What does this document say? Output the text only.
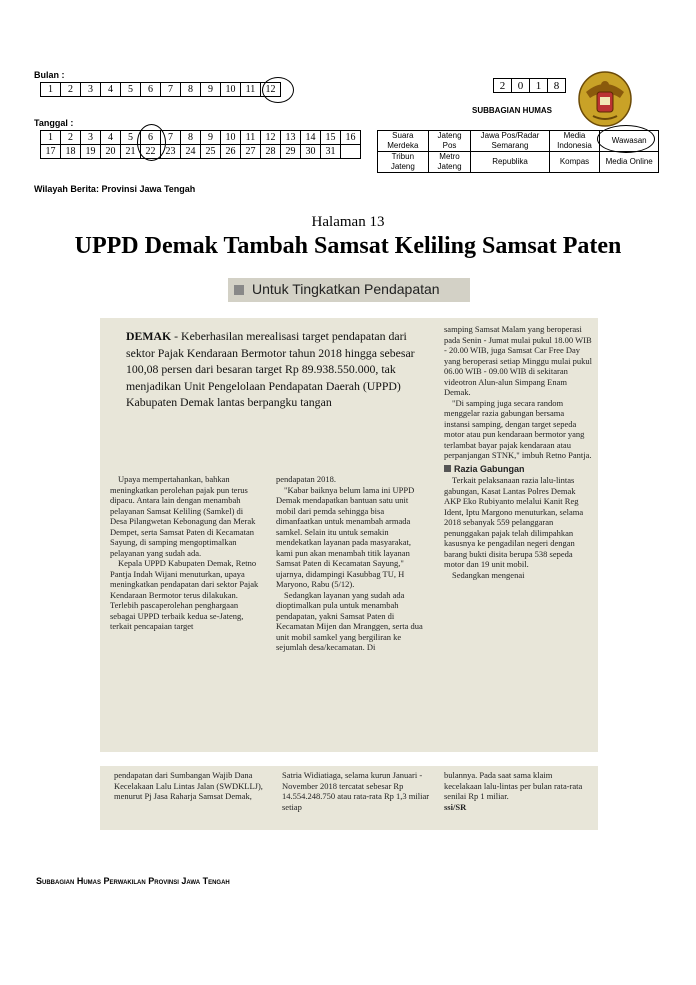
Bulan :
1	2	3	4	5	6	7	8	9	10	11	12
Tanggal :
1	2	3	4	5	6	7	8	9	10	11	12	13	14	15	16
17	18	19	20	21	22	23	24	25	26	27	28	29	30	31	
Wilayah Berita: Provinsi Jawa Tengah
2	0	1	8
SUBBAGIAN HUMAS
Suara Merdeka	Jateng Pos	Jawa Pos/Radar Semarang	Media Indonesia	Wawasan
Tribun Jateng	Metro Jateng	Republika	Kompas	Media Online
Halaman 13
UPPD Demak Tambah Samsat Keliling Samsat Paten
Untuk Tingkatkan Pendapatan
DEMAK - Keberhasilan merealisasi target pendapatan dari sektor Pajak Kendaraan Bermotor tahun 2018 hingga sebesar 100,08 persen dari besaran target Rp 89.938.550.000, tak menjadikan Unit Pengelolaan Pendapatan Daerah (UPPD) Kabupaten Demak lantas berpangku tangan

Upaya mempertahankan, bahkan meningkatkan perolehan pajak pun terus dipacu. Antara lain dengan menambah pelayanan Samsat Keliling (Samkel) di Desa Pilangwetan Kebonagung dan Merak Dempet, serta Samsat Paten di Kecamatan Sayung, di samping mengoptimalkan pelayanan yang sudah ada.

Kepala UPPD Kabupaten Demak, Retno Pantja Indah Wijani menuturkan, upaya meningkatkan pendapatan dari sektor Pajak Kendaraan Bermotor terus dilakukan. Terlebih pascaperolehan penghargaan sebagai UPPD terbaik kedua se-Jateng, terkait pencapaian target

pendapatan 2018.

"Kabar baiknya belum lama ini UPPD Demak mendapatkan bantuan satu unit mobil dari pemda sehingga bisa dimanfaatkan untuk menambah armada samkel. Selain itu untuk semakin mendekatkan layanan pada masyarakat, kami pun akan menambah titik layanan Samsat Paten di Kecamatan Sayung," ujarnya, didampingi Kasubbag TU, H Maryono, Rabu (5/12).

Sedangkan layanan yang sudah ada dioptimalkan pula untuk menambah pendapatan, yakni Samsat Paten di Kecamatan Mijen dan Mranggen, serta dua unit mobil samkel yang bergiliran ke sejumlah desa/kecamatan. Di

samping Samsat Malam yang beroperasi pada Senin - Jumat mulai pukul 18.00 WIB - 20.00 WIB, juga Samsat Car Free Day yang beroperasi setiap Minggu mulai pukul 06.00 WIB - 09.00 WIB di sekitaran videotron Alun-alun Simpang Enam Demak.

"Di samping juga secara random menggelar razia gabungan bersama instansi samping, dengan target sepeda motor atau pun kendaraan bermotor yang terlambat bayar pajak kendaraan atau perpanjangan STNK," imbuh Retno Pantja.

Razia Gabungan

Terkait pelaksanaan razia lalu-lintas gabungan, Kasat Lantas Polres Demak AKP Eko Rubiyanto melalui Kanit Reg Ident, Iptu Margono menuturkan, selama 2018 sebanyak 559 pelanggaran penunggakan pajak telah dilimpahkan kasusnya ke pengadilan negeri dengan barang bukti disita berupa 538 sepeda motor dan 19 unit mobil.

Sedangkan mengenai

pendapatan dari Sumbangan Wajib Dana Kecelakaan Lalu Lintas Jalan (SWDKLLJ), menurut Pj Jasa Raharja Samsat Demak,

Satria Widiatiaga, selama kurun Januari - November 2018 tercatat sebesar Rp 14.554.248.750 atau rata-rata Rp 1,3 miliar setiap

bulannya. Pada saat sama klaim kecelakaan lalu-lintas per bulan rata-rata senilai Rp 1 miliar.

ssi/SR
Subbagian Humas Perwakilan Provinsi Jawa Tengah
